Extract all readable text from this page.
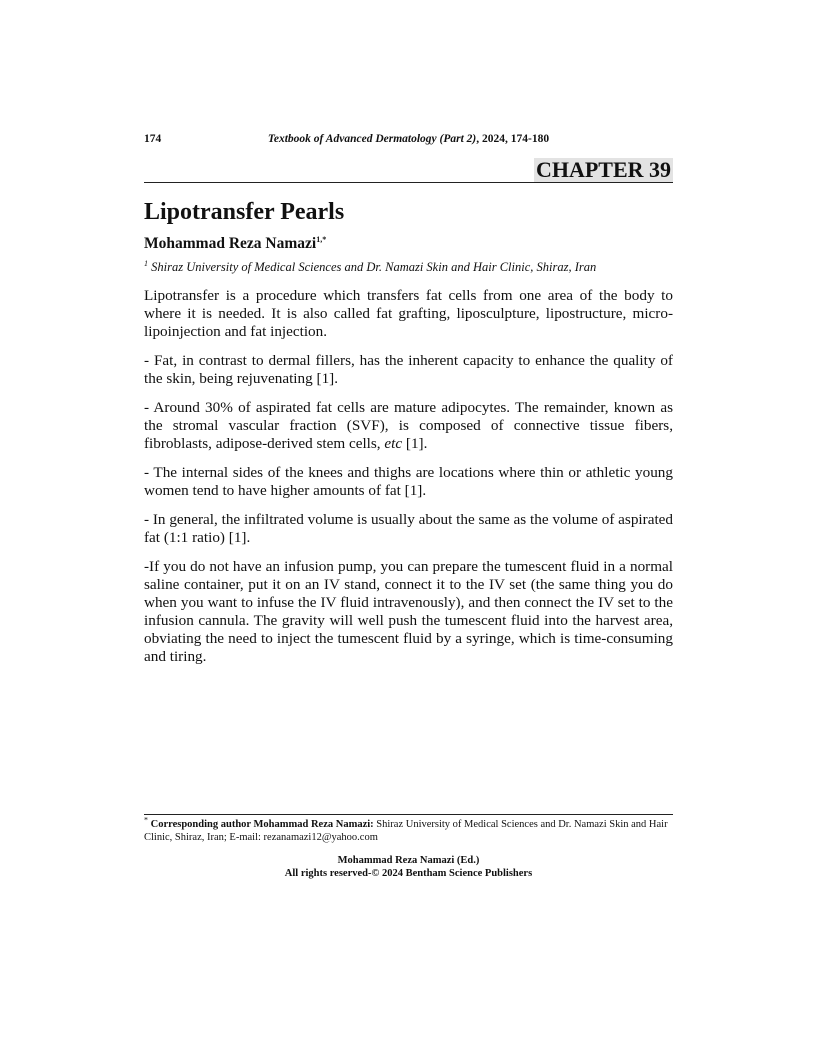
174	Textbook of Advanced Dermatology (Part 2), 2024, 174-180
CHAPTER 39
Lipotransfer Pearls
Mohammad Reza Namazi$^{1,*}$
$^1$ Shiraz University of Medical Sciences and Dr. Namazi Skin and Hair Clinic, Shiraz, Iran

Lipotransfer is a procedure which transfers fat cells from one area of the body to where it is needed. It is also called fat grafting, liposculpture, lipostructure, micro-lipoinjection and fat injection.

- Fat, in contrast to dermal fillers, has the inherent capacity to enhance the quality of the skin, being rejuvenating [1].

- Around 30% of aspirated fat cells are mature adipocytes. The remainder, known as the stromal vascular fraction (SVF), is composed of connective tissue fibers, fibroblasts, adipose-derived stem cells, etc [1].

- The internal sides of the knees and thighs are locations where thin or athletic young women tend to have higher amounts of fat [1].

- In general, the infiltrated volume is usually about the same as the volume of aspirated fat (1:1 ratio) [1].

-If you do not have an infusion pump, you can prepare the tumescent fluid in a normal saline container, put it on an IV stand, connect it to the IV set (the same thing you do when you want to infuse the IV fluid intravenously), and then connect the IV set to the infusion cannula. The gravity will well push the tumescent fluid into the harvest area, obviating the need to inject the tumescent fluid by a syringe, which is time-consuming and tiring.

* Corresponding author Mohammad Reza Namazi: Shiraz University of Medical Sciences and Dr. Namazi Skin and Hair Clinic, Shiraz, Iran; E-mail: rezanamazi12@yahoo.com
Mohammad Reza Namazi (Ed.)
All rights reserved-© 2024 Bentham Science Publishers
